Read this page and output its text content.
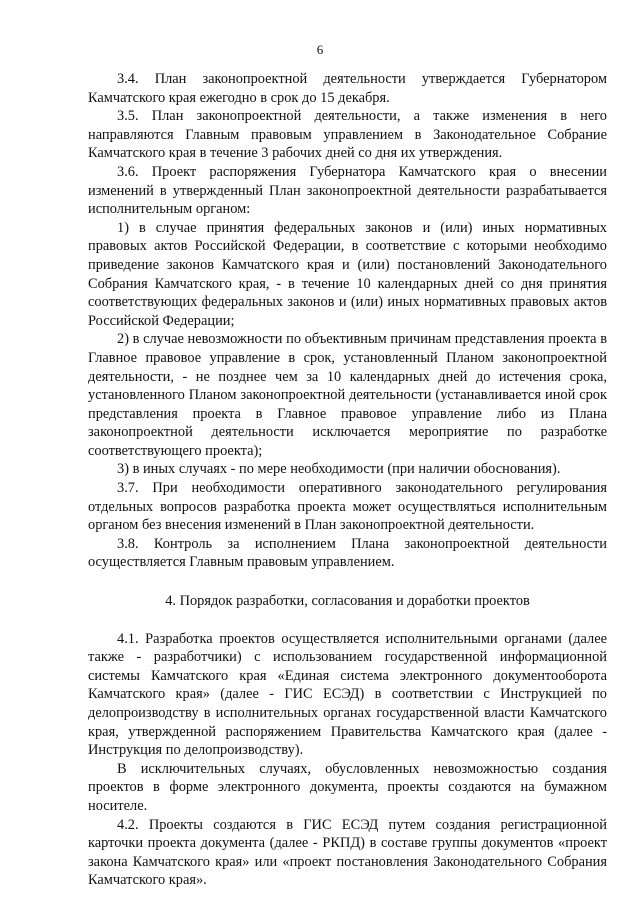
6

3.4. План законопроектной деятельности утверждается Губернатором Камчатского края ежегодно в срок до 15 декабря.

3.5. План законопроектной деятельности, а также изменения в него направляются Главным правовым управлением в Законодательное Собрание Камчатского края в течение 3 рабочих дней со дня их утверждения.

3.6. Проект распоряжения Губернатора Камчатского края о внесении изменений в утвержденный План законопроектной деятельности разрабатывается исполнительным органом:

1) в случае принятия федеральных законов и (или) иных нормативных правовых актов Российской Федерации, в соответствие с которыми необходимо приведение законов Камчатского края и (или) постановлений Законодательного Собрания Камчатского края, - в течение 10 календарных дней со дня принятия соответствующих федеральных законов и (или) иных нормативных правовых актов Российской Федерации;

2) в случае невозможности по объективным причинам представления проекта в Главное правовое управление в срок, установленный Планом законопроектной деятельности, - не позднее чем за 10 календарных дней до истечения срока, установленного Планом законопроектной деятельности (устанавливается иной срок представления проекта в Главное правовое управление либо из Плана законопроектной деятельности исключается мероприятие по разработке соответствующего проекта);

3) в иных случаях - по мере необходимости (при наличии обоснования).

3.7. При необходимости оперативного законодательного регулирования отдельных вопросов разработка проекта может осуществляться исполнительным органом без внесения изменений в План законопроектной деятельности.

3.8. Контроль за исполнением Плана законопроектной деятельности осуществляется Главным правовым управлением.

4. Порядок разработки, согласования и доработки проектов

4.1. Разработка проектов осуществляется исполнительными органами (далее также - разработчики) с использованием государственной информационной системы Камчатского края «Единая система электронного документооборота Камчатского края» (далее - ГИС ЕСЭД) в соответствии с Инструкцией по делопроизводству в исполнительных органах государственной власти Камчатского края, утвержденной распоряжением Правительства Камчатского края (далее - Инструкция по делопроизводству).

В исключительных случаях, обусловленных невозможностью создания проектов в форме электронного документа, проекты создаются на бумажном носителе.

4.2. Проекты создаются в ГИС ЕСЭД путем создания регистрационной карточки проекта документа (далее - РКПД) в составе группы документов «проект закона Камчатского края» или «проект постановления Законодательного Собрания Камчатского края».
